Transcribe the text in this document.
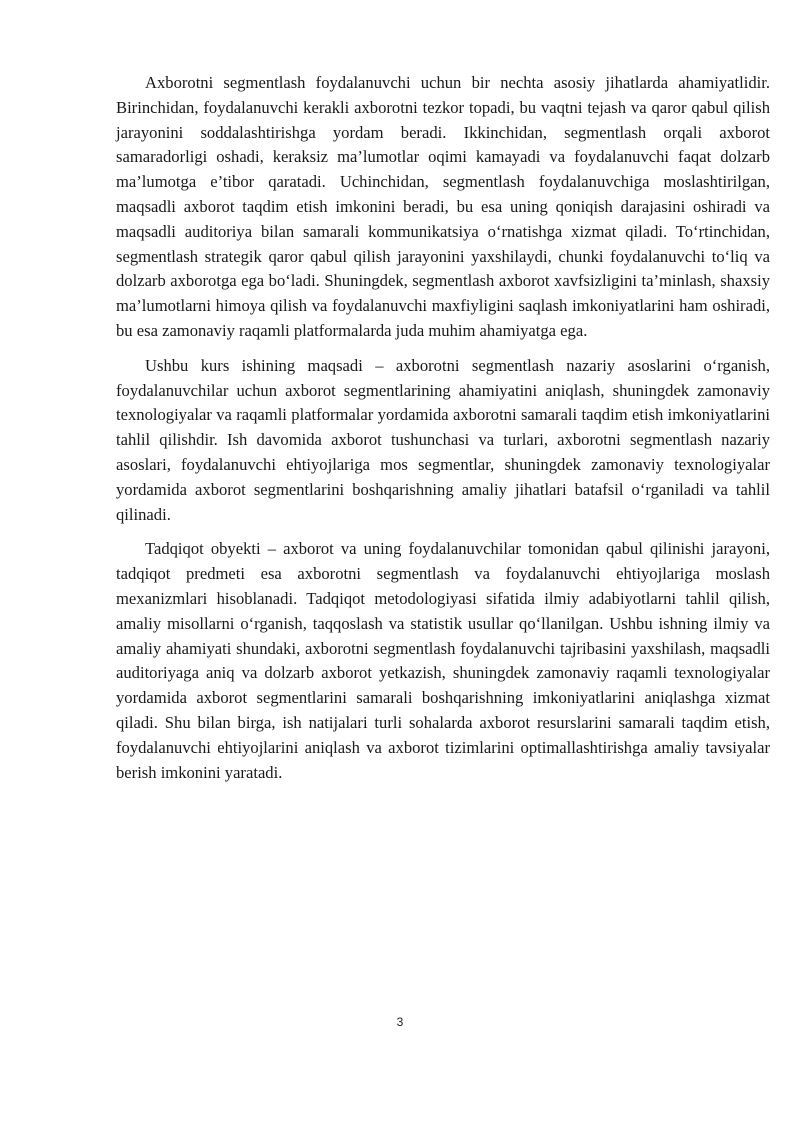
Axborotni segmentlash foydalanuvchi uchun bir nechta asosiy jihatlarda ahamiyatlidir. Birinchidan, foydalanuvchi kerakli axborotni tezkor topadi, bu vaqtni tejash va qaror qabul qilish jarayonini soddalashtirishga yordam beradi. Ikkinchidan, segmentlash orqali axborot samaradorligi oshadi, keraksiz ma’lumotlar oqimi kamayadi va foydalanuvchi faqat dolzarb ma’lumotga e’tibor qaratadi. Uchinchidan, segmentlash foydalanuvchiga moslashtirilgan, maqsadli axborot taqdim etish imkonini beradi, bu esa uning qoniqish darajasini oshiradi va maqsadli auditoriya bilan samarali kommunikatsiya o‘rnatishga xizmat qiladi. To‘rtinchidan, segmentlash strategik qaror qabul qilish jarayonini yaxshilaydi, chunki foydalanuvchi to‘liq va dolzarb axborotga ega bo‘ladi. Shuningdek, segmentlash axborot xavfsizligini ta’minlash, shaxsiy ma’lumotlarni himoya qilish va foydalanuvchi maxfiyligini saqlash imkoniyatlarini ham oshiradi, bu esa zamonaviy raqamli platformalarda juda muhim ahamiyatga ega.

Ushbu kurs ishining maqsadi – axborotni segmentlash nazariy asoslarini o‘rganish, foydalanuvchilar uchun axborot segmentlarining ahamiyatini aniqlash, shuningdek zamonaviy texnologiyalar va raqamli platformalar yordamida axborotni samarali taqdim etish imkoniyatlarini tahlil qilishdir. Ish davomida axborot tushunchasi va turlari, axborotni segmentlash nazariy asoslari, foydalanuvchi ehtiyojlariga mos segmentlar, shuningdek zamonaviy texnologiyalar yordamida axborot segmentlarini boshqarishning amaliy jihatlari batafsil o‘rganiladi va tahlil qilinadi.

Tadqiqot obyekti – axborot va uning foydalanuvchilar tomonidan qabul qilinishi jarayoni, tadqiqot predmeti esa axborotni segmentlash va foydalanuvchi ehtiyojlariga moslash mexanizmlari hisoblanadi. Tadqiqot metodologiyasi sifatida ilmiy adabiyotlarni tahlil qilish, amaliy misollarni o‘rganish, taqqoslash va statistik usullar qo‘llanilgan. Ushbu ishning ilmiy va amaliy ahamiyati shundaki, axborotni segmentlash foydalanuvchi tajribasini yaxshilash, maqsadli auditoriyaga aniq va dolzarb axborot yetkazish, shuningdek zamonaviy raqamli texnologiyalar yordamida axborot segmentlarini samarali boshqarishning imkoniyatlarini aniqlashga xizmat qiladi. Shu bilan birga, ish natijalari turli sohalarda axborot resurslarini samarali taqdim etish, foydalanuvchi ehtiyojlarini aniqlash va axborot tizimlarini optimallashtirishga amaliy tavsiyalar berish imkonini yaratadi.

3
